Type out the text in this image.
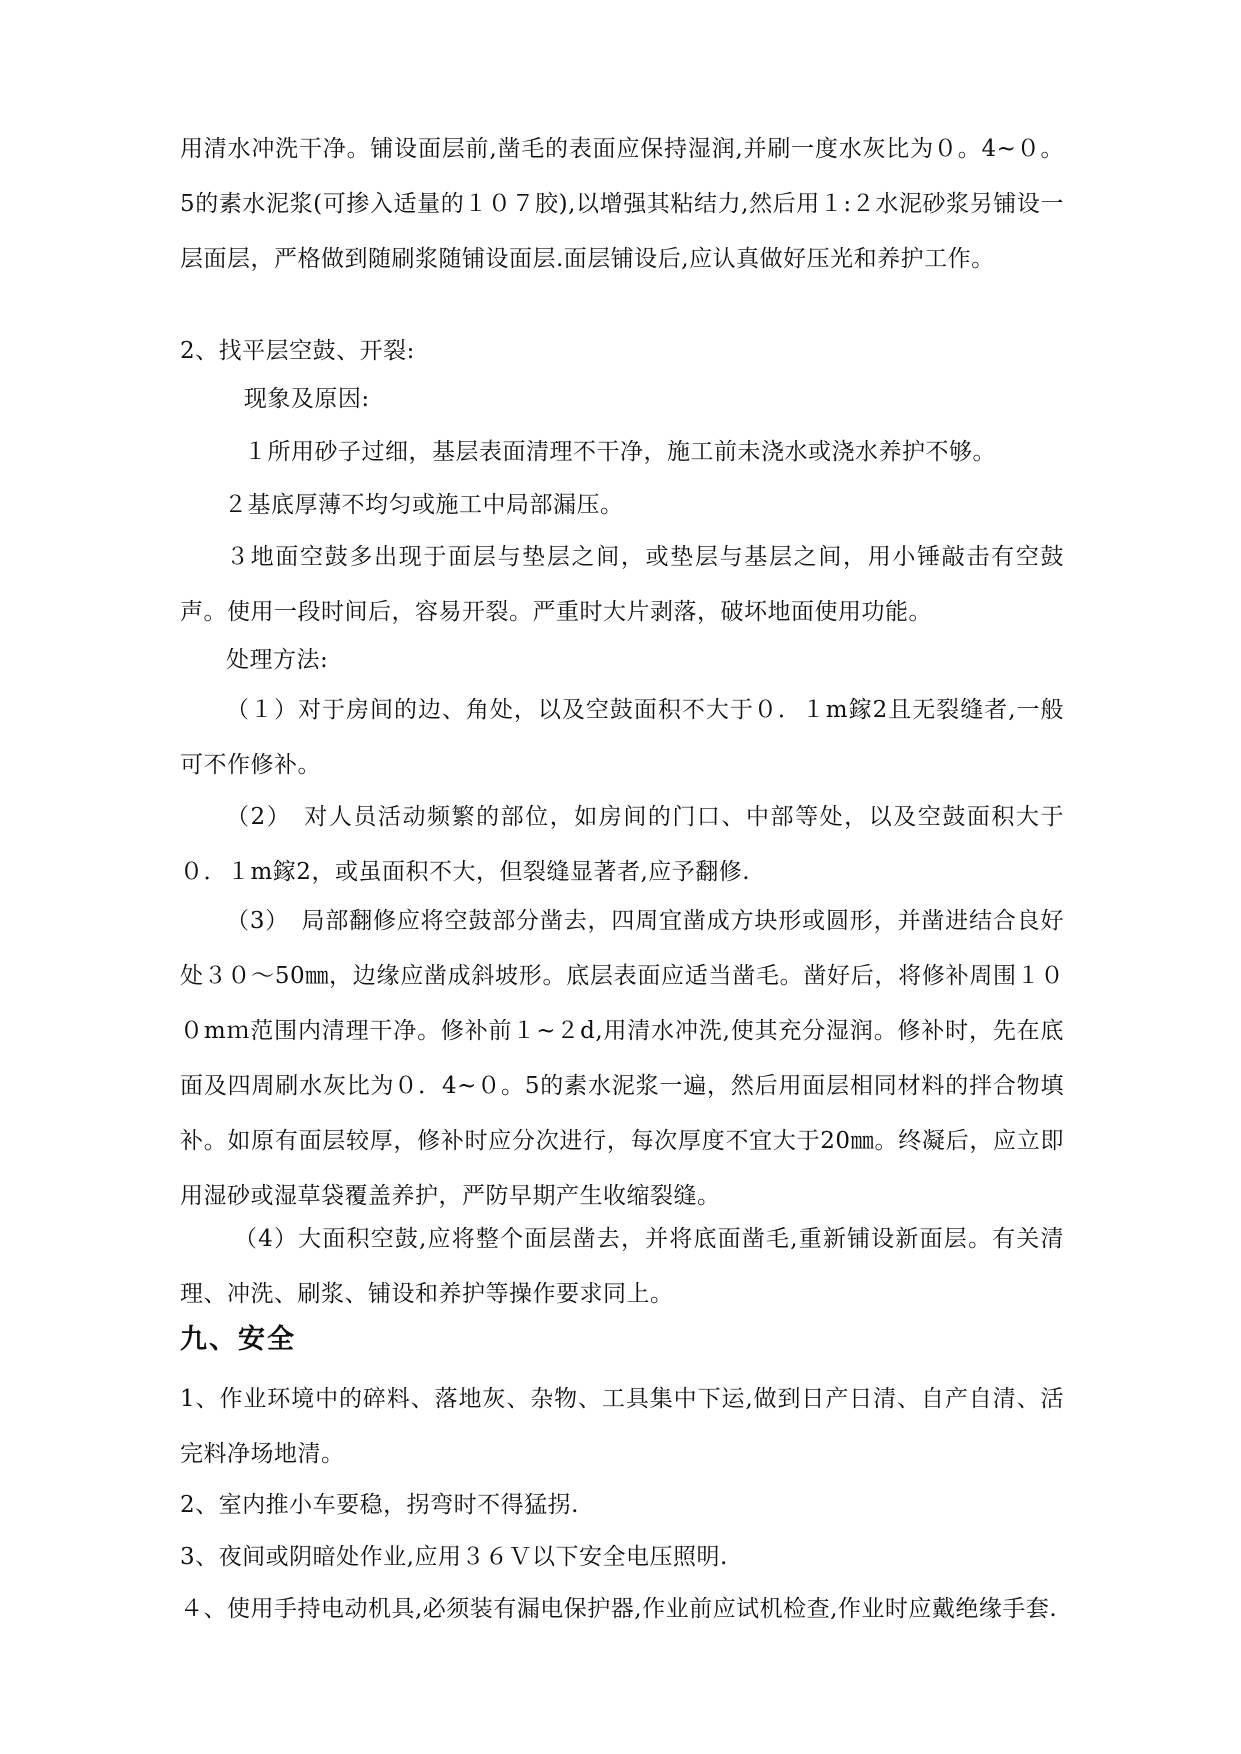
用清水冲洗干净。铺设面层前,凿毛的表面应保持湿润,并刷一度水灰比为０。4~０。5的素水泥浆(可掺入适量的１０７胶),以增强其粘结力,然后用１:２水泥砂浆另铺设一层面层，严格做到随刷浆随铺设面层.面层铺设后,应认真做好压光和养护工作。

2、找平层空鼓、开裂:

现象及原因:

１所用砂子过细，基层表面清理不干净，施工前未浇水或浇水养护不够。

２基底厚薄不均匀或施工中局部漏压。

３地面空鼓多出现于面层与垫层之间，或垫层与基层之间，用小锤敲击有空鼓声。使用一段时间后，容易开裂。严重时大片剥落，破坏地面使用功能。

处理方法:

（１）对于房间的边、角处，以及空鼓面积不大于０．１m鎵2且无裂缝者,一般可不作修补。

（2）　对人员活动频繁的部位，如房间的门口、中部等处，以及空鼓面积大于０．１m鎵2，或虽面积不大，但裂缝显著者,应予翻修.

（3）　局部翻修应将空鼓部分凿去，四周宜凿成方块形或圆形，并凿进结合良好处３０～50㎜，边缘应凿成斜坡形。底层表面应适当凿毛。凿好后，将修补周围１００mｍ范围内清理干净。修补前１~２d,用清水冲洗,使其充分湿润。修补时，先在底面及四周刷水灰比为０．4~０。5的素水泥浆一遍，然后用面层相同材料的拌合物填补。如原有面层较厚，修补时应分次进行，每次厚度不宜大于20㎜。终凝后，应立即用湿砂或湿草袋覆盖养护，严防早期产生收缩裂缝。

（4）大面积空鼓,应将整个面层凿去，并将底面凿毛,重新铺设新面层。有关清理、冲洗、刷浆、铺设和养护等操作要求同上。

九、安全

1、作业环境中的碎料、落地灰、杂物、工具集中下运,做到日产日清、自产自清、活完料净场地清。

2、室内推小车要稳，拐弯时不得猛拐.

3、夜间或阴暗处作业,应用３６Ｖ以下安全电压照明.

４、使用手持电动机具,必须装有漏电保护器,作业前应试机检查,作业时应戴绝缘手套.
